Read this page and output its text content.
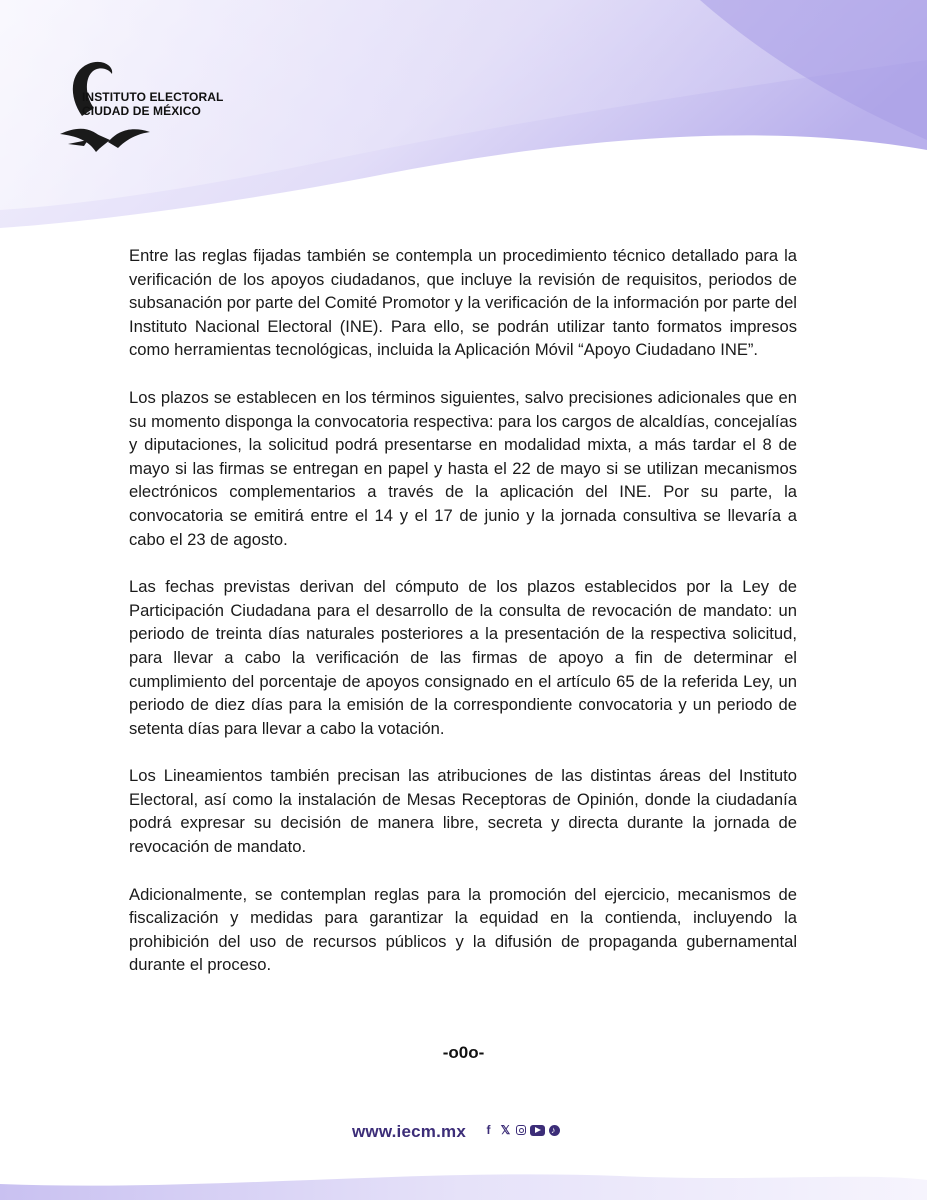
INSTITUTO ELECTORAL
CIUDAD DE MÉXICO

Entre las reglas fijadas también se contempla un procedimiento técnico detallado para la verificación de los apoyos ciudadanos, que incluye la revisión de requisitos, periodos de subsanación por parte del Comité Promotor y la verificación de la información por parte del Instituto Nacional Electoral (INE). Para ello, se podrán utilizar tanto formatos impresos como herramientas tecnológicas, incluida la Aplicación Móvil “Apoyo Ciudadano INE”.

Los plazos se establecen en los términos siguientes, salvo precisiones adicionales que en su momento disponga la convocatoria respectiva: para los cargos de alcaldías, concejalías y diputaciones, la solicitud podrá presentarse en modalidad mixta, a más tardar el 8 de mayo si las firmas se entregan en papel y hasta el 22 de mayo si se utilizan mecanismos electrónicos complementarios a través de la aplicación del INE. Por su parte, la convocatoria se emitirá entre el 14 y el 17 de junio y la jornada consultiva se llevaría a cabo el 23 de agosto.

Las fechas previstas derivan del cómputo de los plazos establecidos por la Ley de Participación Ciudadana para el desarrollo de la consulta de revocación de mandato: un periodo de treinta días naturales posteriores a la presentación de la respectiva solicitud, para llevar a cabo la verificación de las firmas de apoyo a fin de determinar el cumplimiento del porcentaje de apoyos consignado en el artículo 65 de la referida Ley, un periodo de diez días para la emisión de la correspondiente convocatoria y un periodo de setenta días para llevar a cabo la votación.

Los Lineamientos también precisan las atribuciones de las distintas áreas del Instituto Electoral, así como la instalación de Mesas Receptoras de Opinión, donde la ciudadanía podrá expresar su decisión de manera libre, secreta y directa durante la jornada de revocación de mandato.

Adicionalmente, se contemplan reglas para la promoción del ejercicio, mecanismos de fiscalización y medidas para garantizar la equidad en la contienda, incluyendo la prohibición del uso de recursos públicos y la difusión de propaganda gubernamental durante el proceso.

-o0o-
www.iecm.mx	f 𝕏
♪
